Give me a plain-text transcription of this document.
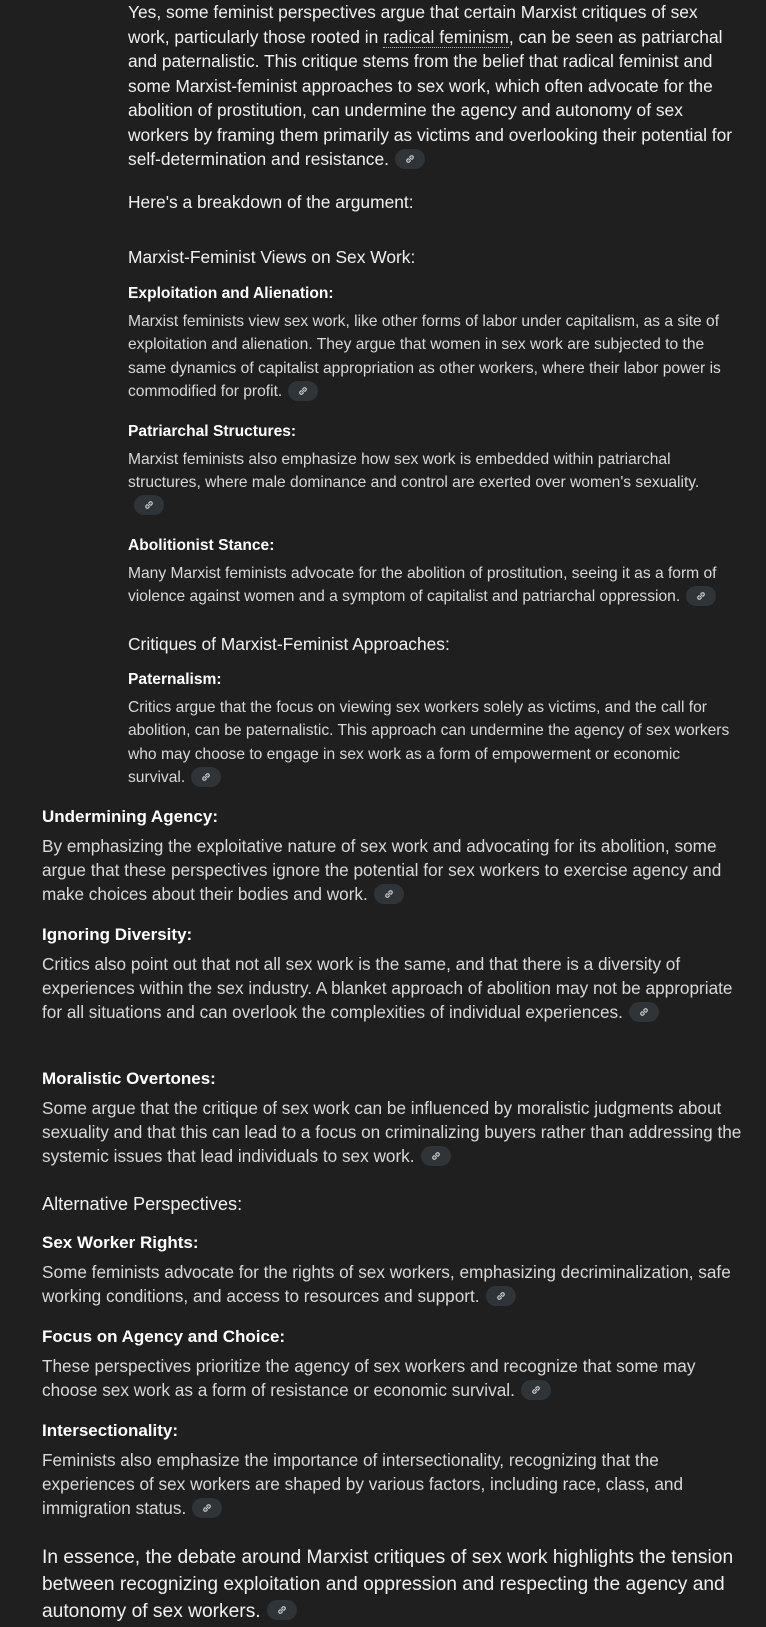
Yes, some feminist perspectives argue that certain Marxist critiques of sex work, particularly those rooted in radical feminism, can be seen as patriarchal and paternalistic. This critique stems from the belief that radical feminist and some Marxist-feminist approaches to sex work, which often advocate for the abolition of prostitution, can undermine the agency and autonomy of sex workers by framing them primarily as victims and overlooking their potential for self-determination and resistance.

Here's a breakdown of the argument:

Marxist-Feminist Views on Sex Work:

Exploitation and Alienation:

Marxist feminists view sex work, like other forms of labor under capitalism, as a site of exploitation and alienation. They argue that women in sex work are subjected to the same dynamics of capitalist appropriation as other workers, where their labor power is commodified for profit.

Patriarchal Structures:

Marxist feminists also emphasize how sex work is embedded within patriarchal structures, where male dominance and control are exerted over women's sexuality.

Abolitionist Stance:

Many Marxist feminists advocate for the abolition of prostitution, seeing it as a form of violence against women and a symptom of capitalist and patriarchal oppression.

Critiques of Marxist-Feminist Approaches:

Paternalism:

Critics argue that the focus on viewing sex workers solely as victims, and the call for abolition, can be paternalistic. This approach can undermine the agency of sex workers who may choose to engage in sex work as a form of empowerment or economic survival.

Undermining Agency:

By emphasizing the exploitative nature of sex work and advocating for its abolition, some argue that these perspectives ignore the potential for sex workers to exercise agency and make choices about their bodies and work.

Ignoring Diversity:

Critics also point out that not all sex work is the same, and that there is a diversity of experiences within the sex industry. A blanket approach of abolition may not be appropriate for all situations and can overlook the complexities of individual experiences.

Moralistic Overtones:

Some argue that the critique of sex work can be influenced by moralistic judgments about sexuality and that this can lead to a focus on criminalizing buyers rather than addressing the systemic issues that lead individuals to sex work.

Alternative Perspectives:

Sex Worker Rights:

Some feminists advocate for the rights of sex workers, emphasizing decriminalization, safe working conditions, and access to resources and support.

Focus on Agency and Choice:

These perspectives prioritize the agency of sex workers and recognize that some may choose sex work as a form of resistance or economic survival.

Intersectionality:

Feminists also emphasize the importance of intersectionality, recognizing that the experiences of sex workers are shaped by various factors, including race, class, and immigration status.

In essence, the debate around Marxist critiques of sex work highlights the tension between recognizing exploitation and oppression and respecting the agency and autonomy of sex workers.
